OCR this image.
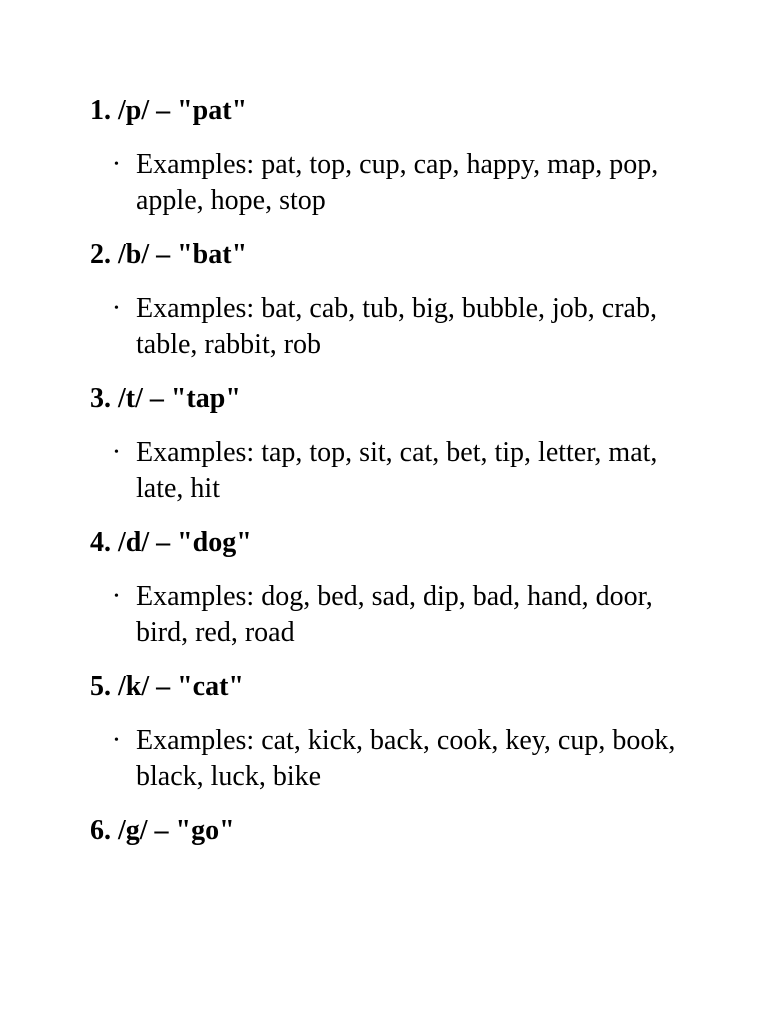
1. /p/ – "pat"
• Examples: pat, top, cup, cap, happy, map, pop, apple, hope, stop
2. /b/ – "bat"
• Examples: bat, cab, tub, big, bubble, job, crab, table, rabbit, rob
3. /t/ – "tap"
• Examples: tap, top, sit, cat, bet, tip, letter, mat, late, hit
4. /d/ – "dog"
• Examples: dog, bed, sad, dip, bad, hand, door, bird, red, road
5. /k/ – "cat"
• Examples: cat, kick, back, cook, key, cup, book, black, luck, bike
6. /g/ – "go"
